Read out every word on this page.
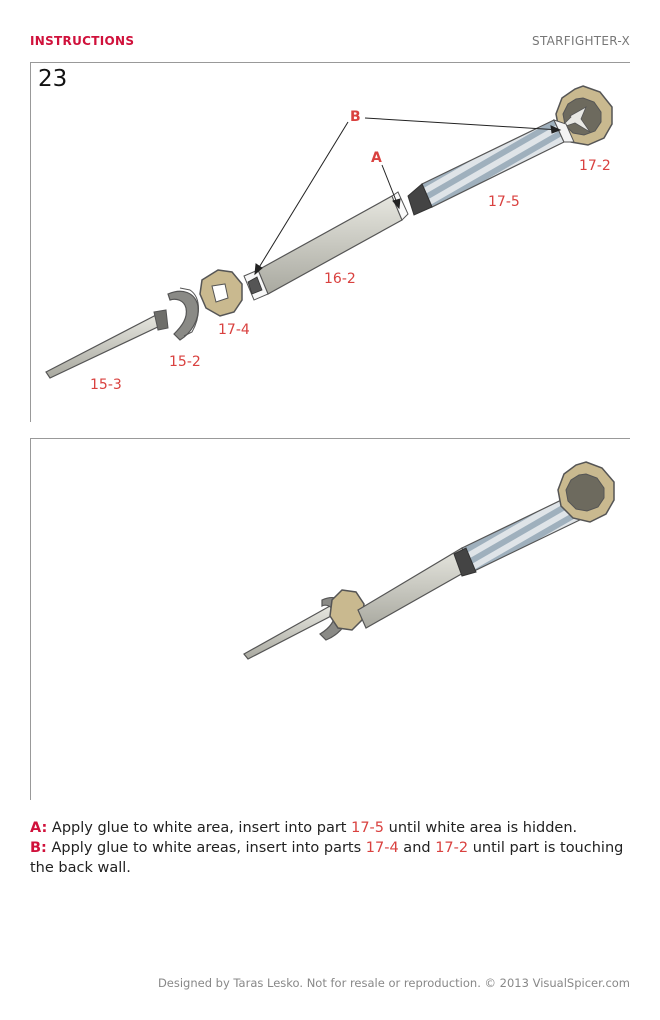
INSTRUCTIONS	STARFIGHTER-X
23
B
A	17-2
17-5
16-2
17-4
15-2
15-3

A: Apply glue to white area, insert into part 17-5 until white area is hidden.

B: Apply glue to white areas, insert into parts 17-4 and 17-2 until part is touching the back wall.

Designed by Taras Lesko. Not for resale or reproduction. © 2013 VisualSpicer.com
